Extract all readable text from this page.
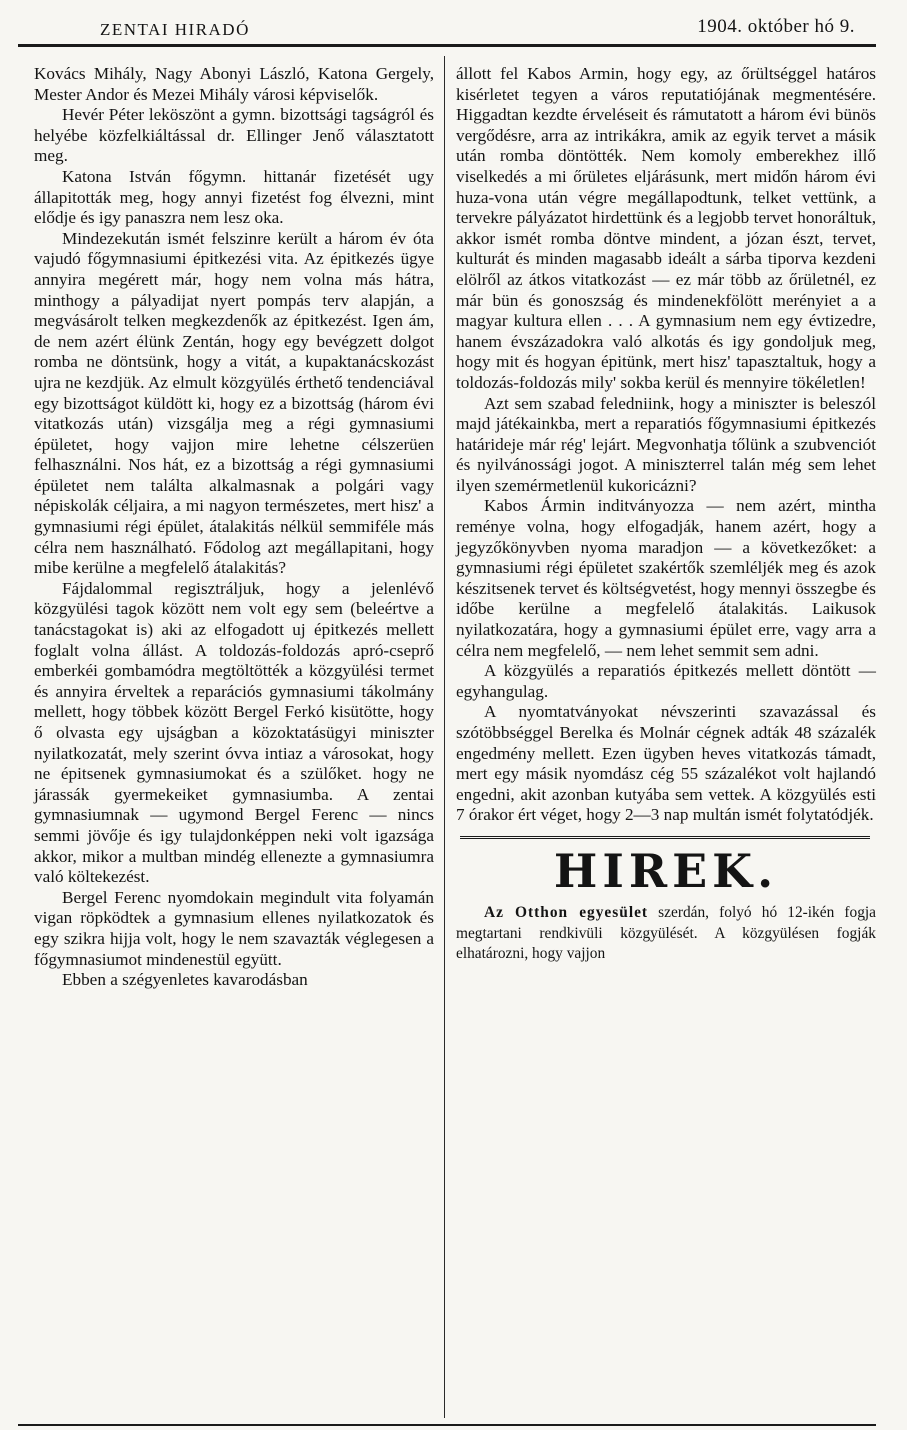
ZENTAI HIRADÓ	1904. október hó 9.

Kovács Mihály, Nagy Abonyi László, Katona Gergely, Mester Andor és Mezei Mihály városi képviselők.

Hevér Péter leköszönt a gymn. bizottsági tagságról és helyébe közfelkiáltással dr. Ellinger Jenő választatott meg.

Katona István főgymn. hittanár fizetését ugy állapitották meg, hogy annyi fizetést fog élvezni, mint elődje és igy panaszra nem lesz oka.

Mindezekután ismét felszinre került a három év óta vajudó főgymnasiumi épitkezési vita. Az épitkezés ügye annyira megérett már, hogy nem volna más hátra, minthogy a pályadijat nyert pompás terv alapján, a megvásárolt telken megkezdenők az épitkezést. Igen ám, de nem azért élünk Zentán, hogy egy bevégzett dolgot romba ne döntsünk, hogy a vitát, a kupaktanácskozást ujra ne kezdjük. Az elmult közgyülés érthető tendenciával egy bizottságot küldött ki, hogy ez a bizottság (három évi vitatkozás után) vizsgálja meg a régi gymnasiumi épületet, hogy vajjon mire lehetne célszerüen felhasználni. Nos hát, ez a bizottság a régi gymnasiumi épületet nem találta alkalmasnak a polgári vagy népiskolák céljaira, a mi nagyon természetes, mert hisz' a gymnasiumi régi épület, átalakitás nélkül semmiféle más célra nem használható. Fődolog azt megállapitani, hogy mibe kerülne a megfelelő átalakitás?

Fájdalommal regisztráljuk, hogy a jelenlévő közgyülési tagok között nem volt egy sem (beleértve a tanácstagokat is) aki az elfogadott uj épitkezés mellett foglalt volna állást. A toldozás-foldozás apró-cseprő emberkéi gombamódra megtöltötték a közgyülési termet és annyira érveltek a reparációs gymnasiumi tákolmány mellett, hogy többek között Bergel Ferkó kisütötte, hogy ő olvasta egy ujságban a közoktatásügyi miniszter nyilatkozatát, mely szerint óvva intiaz a városokat, hogy ne épitsenek gymnasiumokat és a szülőket. hogy ne járassák gyermekeiket gymnasiumba. A zentai gymnasiumnak — ugymond Bergel Ferenc — nincs semmi jövője és igy tulajdonképpen neki volt igazsága akkor, mikor a multban mindég ellenezte a gymnasiumra való költekezést.

Bergel Ferenc nyomdokain megindult vita folyamán vigan röpködtek a gymnasium ellenes nyilatkozatok és egy szikra hijja volt, hogy le nem szavazták véglegesen a főgymnasiumot mindenestül együtt.

Ebben a szégyenletes kavarodásban

állott fel Kabos Armin, hogy egy, az őrültséggel határos kisérletet tegyen a város reputatiójának megmentésére. Higgadtan kezdte érveléseit és rámutatott a három évi bünös vergődésre, arra az intrikákra, amik az egyik tervet a másik után romba döntötték. Nem komoly emberekhez illő viselkedés a mi őrületes eljárásunk, mert midőn három évi huza-vona után végre megállapodtunk, telket vettünk, a tervekre pályázatot hirdettünk és a legjobb tervet honoráltuk, akkor ismét romba döntve mindent, a józan észt, tervet, kulturát és minden magasabb ideált a sárba tiporva kezdeni elölről az átkos vitatkozást — ez már több az őrületnél, ez már bün és gonoszság és mindenekfölött merényiet a a magyar kultura ellen . . . A gymnasium nem egy évtizedre, hanem évszázadokra való alkotás és igy gondoljuk meg, hogy mit és hogyan épitünk, mert hisz' tapasztaltuk, hogy a toldozás-foldozás mily' sokba kerül és mennyire tökéletlen!

Azt sem szabad feledniink, hogy a miniszter is beleszól majd játékainkba, mert a reparatiós főgymnasiumi épitkezés határideje már rég' lejárt. Megvonhatja tőlünk a szubvenciót és nyilvánossági jogot. A miniszterrel talán még sem lehet ilyen szemérmetlenül kukoricázni?

Kabos Ármin inditványozza — nem azért, mintha reménye volna, hogy elfogadják, hanem azért, hogy a jegyzőkönyvben nyoma maradjon — a következőket: a gymnasiumi régi épületet szakértők szemléljék meg és azok készitsenek tervet és költségvetést, hogy mennyi összegbe és időbe kerülne a megfelelő átalakitás. Laikusok nyilatkozatára, hogy a gymnasiumi épület erre, vagy arra a célra nem megfelelő, — nem lehet semmit sem adni.

A közgyülés a reparatiós épitkezés mellett döntött — egyhangulag.

A nyomtatványokat névszerinti szavazással és szótöbbséggel Berelka és Molnár cégnek adták 48 százalék engedmény mellett. Ezen ügyben heves vitatkozás támadt, mert egy másik nyomdász cég 55 százalékot volt hajlandó engedni, akit azonban kutyába sem vettek. A közgyülés esti 7 órakor ért véget, hogy 2—3 nap multán ismét folytatódjék.

HIREK.

Az Otthon egyesület szerdán, folyó hó 12-ikén fogja megtartani rendkivüli közgyülését. A közgyülésen fogják elhatározni, hogy vajjon
